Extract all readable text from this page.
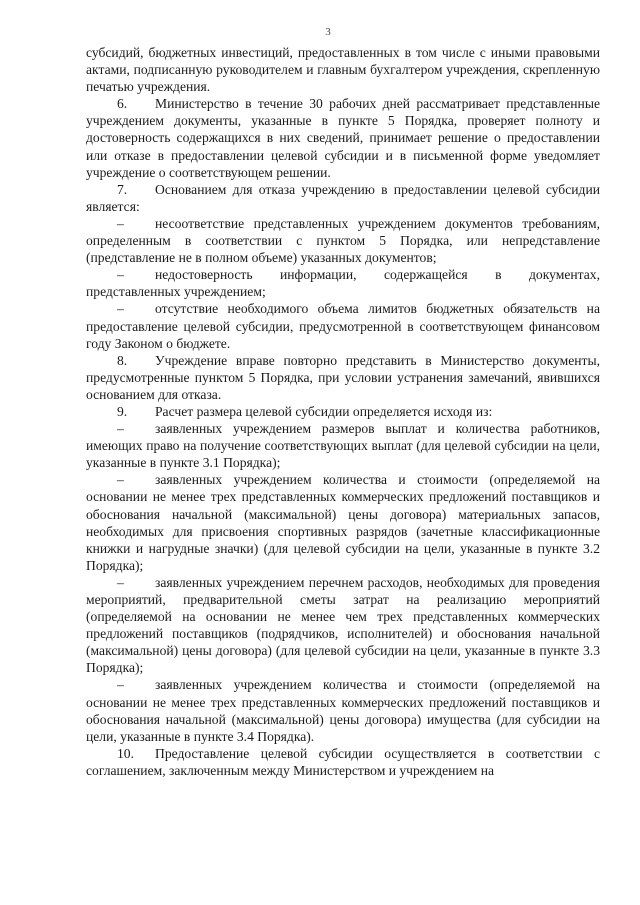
3

субсидий, бюджетных инвестиций, предоставленных в том числе с иными правовыми актами, подписанную руководителем и главным бухгалтером учреждения, скрепленную печатью учреждения.

6. Министерство в течение 30 рабочих дней рассматривает представленные учреждением документы, указанные в пункте 5 Порядка, проверяет полноту и достоверность содержащихся в них сведений, принимает решение о предоставлении или отказе в предоставлении целевой субсидии и в письменной форме уведомляет учреждение о соответствующем решении.

7. Основанием для отказа учреждению в предоставлении целевой субсидии является:

– несоответствие представленных учреждением документов требованиям, определенным в соответствии с пунктом 5 Порядка, или непредставление (представление не в полном объеме) указанных документов;

– недостоверность информации, содержащейся в документах, представленных учреждением;

– отсутствие необходимого объема лимитов бюджетных обязательств на предоставление целевой субсидии, предусмотренной в соответствующем финансовом году Законом о бюджете.

8. Учреждение вправе повторно представить в Министерство документы, предусмотренные пунктом 5 Порядка, при условии устранения замечаний, явившихся основанием для отказа.

9. Расчет размера целевой субсидии определяется исходя из:

– заявленных учреждением размеров выплат и количества работников, имеющих право на получение соответствующих выплат (для целевой субсидии на цели, указанные в пункте 3.1 Порядка);

– заявленных учреждением количества и стоимости (определяемой на основании не менее трех представленных коммерческих предложений поставщиков и обоснования начальной (максимальной) цены договора) материальных запасов, необходимых для присвоения спортивных разрядов (зачетные классификационные книжки и нагрудные значки) (для целевой субсидии на цели, указанные в пункте 3.2 Порядка);

– заявленных учреждением перечнем расходов, необходимых для проведения мероприятий, предварительной сметы затрат на реализацию мероприятий (определяемой на основании не менее чем трех представленных коммерческих предложений поставщиков (подрядчиков, исполнителей) и обоснования начальной (максимальной) цены договора) (для целевой субсидии на цели, указанные в пункте 3.3 Порядка);

– заявленных учреждением количества и стоимости (определяемой на основании не менее трех представленных коммерческих предложений поставщиков и обоснования начальной (максимальной) цены договора) имущества (для субсидии на цели, указанные в пункте 3.4 Порядка).

10. Предоставление целевой субсидии осуществляется в соответствии с соглашением, заключенным между Министерством и учреждением на
